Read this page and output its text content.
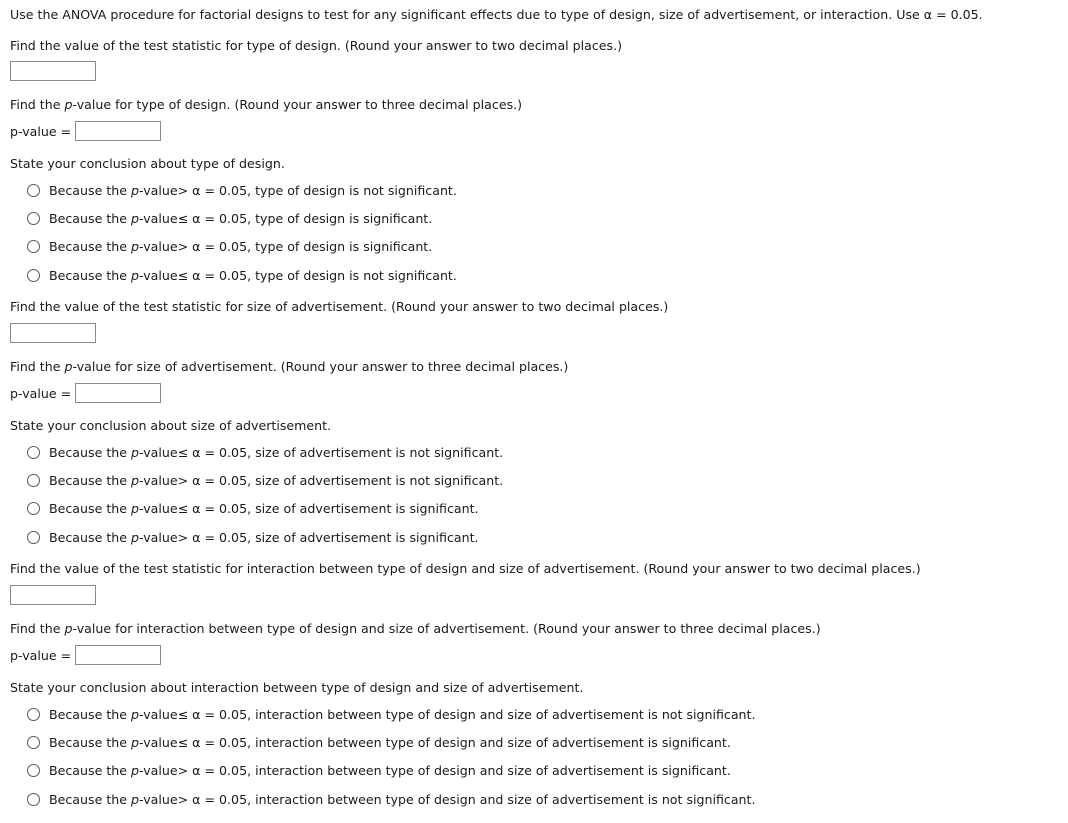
Use the ANOVA procedure for factorial designs to test for any significant effects due to type of design, size of advertisement, or interaction. Use α = 0.05.
Find the value of the test statistic for type of design. (Round your answer to two decimal places.)
Find the p-value for type of design. (Round your answer to three decimal places.)
p-value =
State your conclusion about type of design.
Because the
p -value > α = 0.05, type of design is not significant.
Because the
p -value ≤ α = 0.05, type of design is significant.
Because the
p -value > α = 0.05, type of design is significant.
Because the
p -value ≤ α = 0.05, type of design is not significant.
Find the value of the test statistic for size of advertisement. (Round your answer to two decimal places.)
Find the p-value for size of advertisement. (Round your answer to three decimal places.)
p-value =
State your conclusion about size of advertisement.
Because the
p -value ≤ α = 0.05, size of advertisement is not significant.
Because the
p -value > α = 0.05, size of advertisement is not significant.
Because the
p -value ≤ α = 0.05, size of advertisement is significant.
Because the
p -value > α = 0.05, size of advertisement is significant.
Find the value of the test statistic for interaction between type of design and size of advertisement. (Round your answer to two decimal places.)
Find the p-value for interaction between type of design and size of advertisement. (Round your answer to three decimal places.)
p-value =
State your conclusion about interaction between type of design and size of advertisement.
Because the
p -value ≤ α = 0.05, interaction between type of design and size of advertisement is not significant.
Because the
p -value ≤ α = 0.05, interaction between type of design and size of advertisement is significant.
Because the
p -value > α = 0.05, interaction between type of design and size of advertisement is significant.
Because the
p -value > α = 0.05, interaction between type of design and size of advertisement is not significant.
